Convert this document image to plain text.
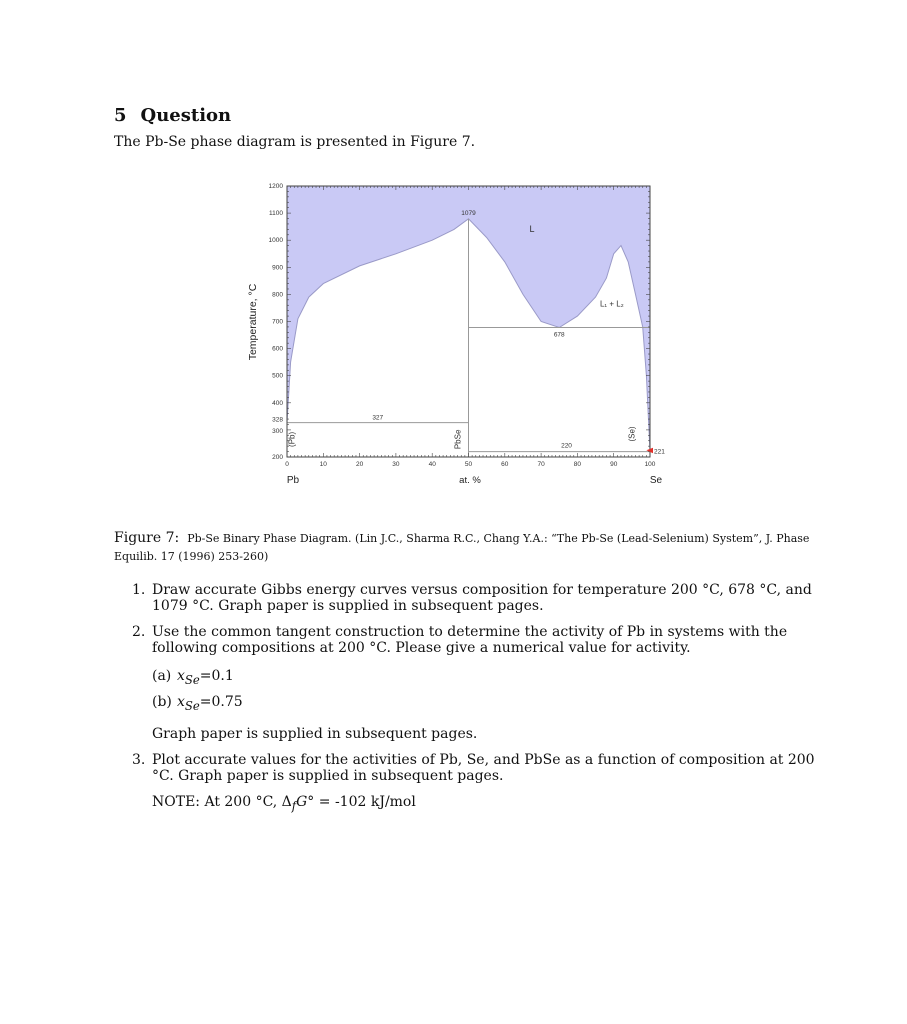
5 Question
The Pb-Se phase diagram is presented in Figure 7.
0	10	20	30	40	50	60	70	80	90	100
200
300
328
400
500
600
700
800
900
1000
1100
1200
at. %
Temperature, °C
Pb	Se
1079
327
678
220
221
L
L₁ + L₂
(Pb)	PbSe	(Se)
Figure 7: Pb-Se Binary Phase Diagram. (Lin J.C., Sharma R.C., Chang Y.A.: “The Pb-Se (Lead-Selenium) System”, J. Phase Equilib. 17 (1996) 253-260)
1. Draw accurate Gibbs energy curves versus composition for temperature 200 °C, 678 °C, and 1079 °C. Graph paper is supplied in subsequent pages.
2. Use the common tangent construction to determine the activity of Pb in systems with the following compositions at 200 °C. Please give a numerical value for activity.
(a) $x_{Se}=0.1$
(b) $x_{Se}=0.75$
Graph paper is supplied in subsequent pages.
3. Plot accurate values for the activities of Pb, Se, and PbSe as a function of composition at 200 °C. Graph paper is supplied in subsequent pages.
NOTE: At 200 °C, $\Delta_fG^\circ = -102$ kJ/mol
